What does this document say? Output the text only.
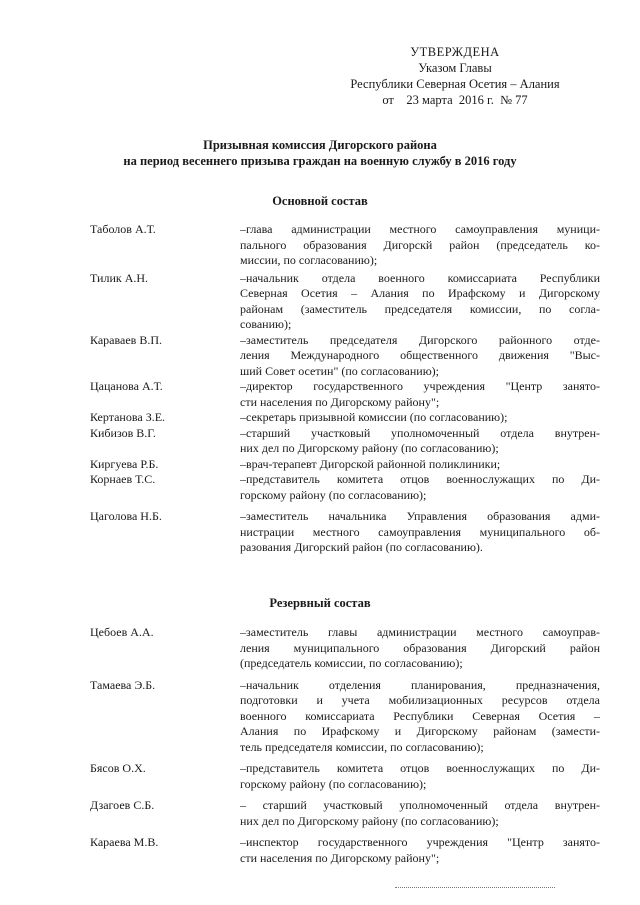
УТВЕРЖДЕНА
Указом Главы
Республики Северная Осетия – Алания
от    23 марта  2016 г.  № 77
Призывная комиссия Дигорского района
на период весеннего призыва граждан на военную службу в 2016 году
Основной состав
Таболов А.Т.	–глава администрации местного самоуправления муници-
пального образования Дигорскй район (председатель ко-
миссии, по согласованию);
Тилик А.Н.	–начальник отдела военного комиссариата Республики
Северная Осетия – Алания по Ирафскому и Дигорскому
районам (заместитель председателя комиссии, по согла-
сованию);
Караваев В.П.	–заместитель председателя Дигорского районного отде-
ления Международного общественного движения "Выс-
ший Совет осетин" (по согласованию);
Цацанова А.Т.	–директор государственного учреждения "Центр занято-
сти населения по Дигорскому району";
Кертанова З.Е.	–секретарь призывной комиссии (по согласованию);
Кибизов В.Г.	–старший участковый уполномоченный отдела внутрен-
них дел по Дигорскому району (по согласованию);
Киргуева Р.Б.	–врач-терапевт Дигорской районной поликлиники;
Корнаев Т.С.	–представитель комитета отцов военнослужащих по Ди-
горскому району (по согласованию);
Цаголова Н.Б.	–заместитель начальника Управления образования адми-
нистрации местного самоуправления муниципального об-
разования Дигорский район (по согласованию).
Резервный состав
Цебоев А.А.	–заместитель главы администрации местного самоуправ-
ления муниципального образования Дигорский район
(председатель комиссии, по согласованию);
Тамаева Э.Б.	–начальник отделения планирования, предназначения,
подготовки и учета мобилизационных ресурсов отдела
военного комиссариата Республики Северная Осетия –
Алания по Ирафскому и Дигорскому районам (замести-
тель председателя комиссии, по согласованию);
Бясов О.Х.	–представитель комитета отцов военнослужащих по Ди-
горскому району (по согласованию);
Дзагоев С.Б.	– старший участковый уполномоченный отдела внутрен-
них дел по Дигорскому району (по согласованию);
Караева М.В.	–инспектор государственного учреждения "Центр занято-
сти населения по Дигорскому району";
